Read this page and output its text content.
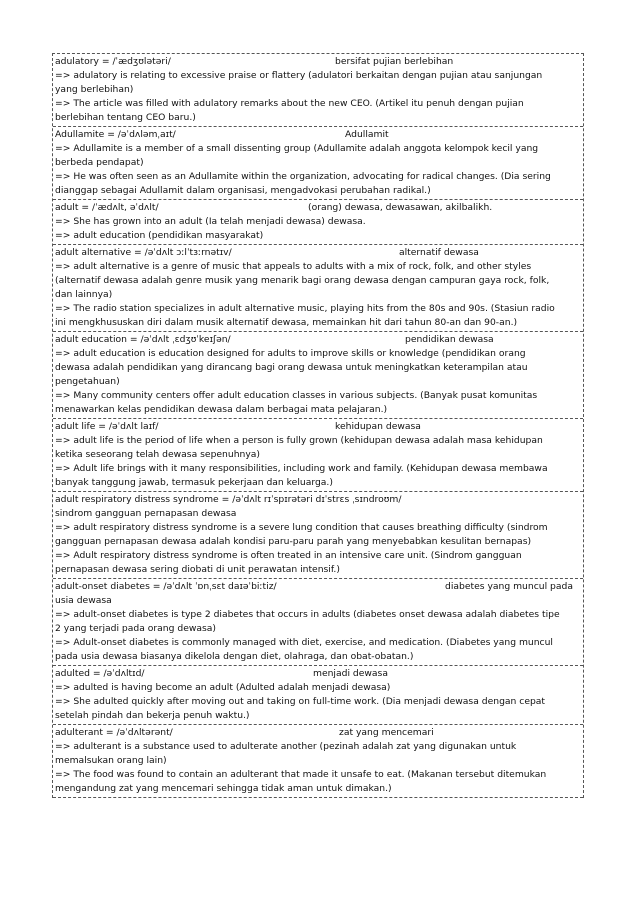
adulatory = /ˈædʒʊlətəri/	bersifat pujian berlebihan
=> adulatory is relating to excessive praise or flattery (adulatori berkaitan dengan pujian atau sanjungan
yang berlebihan)
=> The article was filled with adulatory remarks about the new CEO. (Artikel itu penuh dengan pujian
berlebihan tentang CEO baru.)
Adullamite = /əˈdʌləmˌaɪt/	Adullamit
=> Adullamite is a member of a small dissenting group (Adullamite adalah anggota kelompok kecil yang
berbeda pendapat)
=> He was often seen as an Adullamite within the organization, advocating for radical changes. (Dia sering
dianggap sebagai Adullamit dalam organisasi, mengadvokasi perubahan radikal.)
adult = /ˈædʌlt, əˈdʌlt/	(orang) dewasa, dewasawan, akilbalikh.
=> She has grown into an adult (Ia telah menjadi dewasa) dewasa.
=> adult education (pendidikan masyarakat)
adult alternative = /əˈdʌlt ɔːlˈtɜːrnətɪv/	alternatif dewasa
=> adult alternative is a genre of music that appeals to adults with a mix of rock, folk, and other styles
(alternatif dewasa adalah genre musik yang menarik bagi orang dewasa dengan campuran gaya rock, folk,
dan lainnya)
=> The radio station specializes in adult alternative music, playing hits from the 80s and 90s. (Stasiun radio
ini mengkhususkan diri dalam musik alternatif dewasa, memainkan hit dari tahun 80-an dan 90-an.)
adult education = /əˈdʌlt ˌɛdʒʊˈkeɪʃən/	pendidikan dewasa
=> adult education is education designed for adults to improve skills or knowledge (pendidikan orang
dewasa adalah pendidikan yang dirancang bagi orang dewasa untuk meningkatkan keterampilan atau
pengetahuan)
=> Many community centers offer adult education classes in various subjects. (Banyak pusat komunitas
menawarkan kelas pendidikan dewasa dalam berbagai mata pelajaran.)
adult life = /əˈdʌlt laɪf/	kehidupan dewasa
=> adult life is the period of life when a person is fully grown (kehidupan dewasa adalah masa kehidupan
ketika seseorang telah dewasa sepenuhnya)
=> Adult life brings with it many responsibilities, including work and family. (Kehidupan dewasa membawa
banyak tanggung jawab, termasuk pekerjaan dan keluarga.)
adult respiratory distress syndrome = /əˈdʌlt rɪˈspɪrətəri dɪˈstrɛs ˌsɪndroʊm/
sindrom gangguan pernapasan dewasa
=> adult respiratory distress syndrome is a severe lung condition that causes breathing difficulty (sindrom
gangguan pernapasan dewasa adalah kondisi paru-paru parah yang menyebabkan kesulitan bernapas)
=> Adult respiratory distress syndrome is often treated in an intensive care unit. (Sindrom gangguan
pernapasan dewasa sering diobati di unit perawatan intensif.)
adult-onset diabetes = /əˈdʌlt ˈɒnˌsɛt daɪəˈbiːtiz/	diabetes yang muncul pada
usia dewasa
=> adult-onset diabetes is type 2 diabetes that occurs in adults (diabetes onset dewasa adalah diabetes tipe
2 yang terjadi pada orang dewasa)
=> Adult-onset diabetes is commonly managed with diet, exercise, and medication. (Diabetes yang muncul
pada usia dewasa biasanya dikelola dengan diet, olahraga, dan obat-obatan.)
adulted = /əˈdʌltɪd/	menjadi dewasa
=> adulted is having become an adult (Adulted adalah menjadi dewasa)
=> She adulted quickly after moving out and taking on full-time work. (Dia menjadi dewasa dengan cepat
setelah pindah dan bekerja penuh waktu.)
adulterant = /əˈdʌltərənt/	zat yang mencemari
=> adulterant is a substance used to adulterate another (pezinah adalah zat yang digunakan untuk
memalsukan orang lain)
=> The food was found to contain an adulterant that made it unsafe to eat. (Makanan tersebut ditemukan
mengandung zat yang mencemari sehingga tidak aman untuk dimakan.)
